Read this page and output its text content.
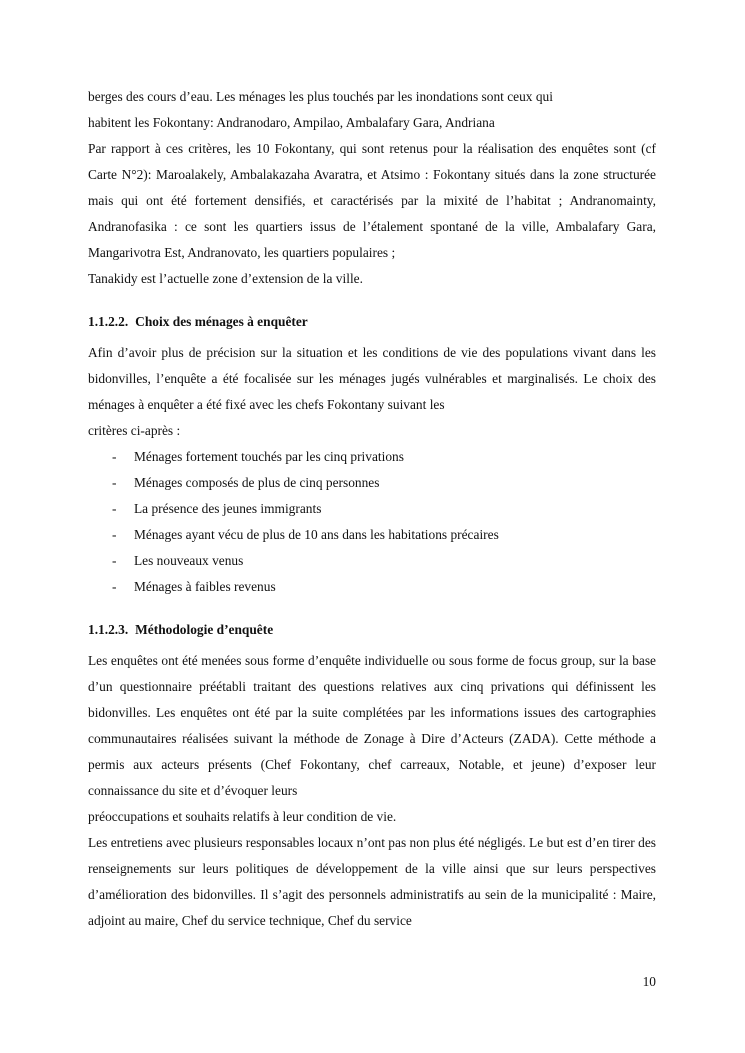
berges des cours d’eau. Les ménages les plus touchés par les inondations sont ceux qui

habitent les Fokontany: Andranodaro, Ampilao, Ambalafary Gara, Andriana

Par rapport à ces critères, les 10 Fokontany, qui sont retenus pour la réalisation des enquêtes sont (cf Carte N°2): Maroalakely, Ambalakazaha Avaratra, et Atsimo : Fokontany situés dans la zone structurée mais qui ont été fortement densifiés, et caractérisés par la mixité de l’habitat ; Andranomainty, Andranofasika : ce sont les quartiers issus de l’étalement spontané de la ville, Ambalafary Gara, Mangarivotra Est, Andranovato, les quartiers populaires ;

Tanakidy est l’actuelle zone d’extension de la ville.

1.1.2.2. Choix des ménages à enquêter

Afin d’avoir plus de précision sur la situation et les conditions de vie des populations vivant dans les bidonvilles, l’enquête a été focalisée sur les ménages jugés vulnérables et marginalisés. Le choix des ménages à enquêter a été fixé avec les chefs Fokontany suivant les

critères ci-après :

- Ménages fortement touchés par les cinq privations
- Ménages composés de plus de cinq personnes
- La présence des jeunes immigrants
- Ménages ayant vécu de plus de 10 ans dans les habitations précaires
- Les nouveaux venus
- Ménages à faibles revenus
1.1.2.3. Méthodologie d’enquête

Les enquêtes ont été menées sous forme d’enquête individuelle ou sous forme de focus group, sur la base d’un questionnaire préétabli traitant des questions relatives aux cinq privations qui définissent les bidonvilles. Les enquêtes ont été par la suite complétées par les informations issues des cartographies communautaires réalisées suivant la méthode de Zonage à Dire d’Acteurs (ZADA). Cette méthode a permis aux acteurs présents (Chef Fokontany, chef carreaux, Notable, et jeune) d’exposer leur connaissance du site et d’évoquer leurs

préoccupations et souhaits relatifs à leur condition de vie.

Les entretiens avec plusieurs responsables locaux n’ont pas non plus été négligés. Le but est d’en tirer des renseignements sur leurs politiques de développement de la ville ainsi que sur leurs perspectives d’amélioration des bidonvilles. Il s’agit des personnels administratifs au sein de la municipalité : Maire, adjoint au maire, Chef du service technique, Chef du service

10
